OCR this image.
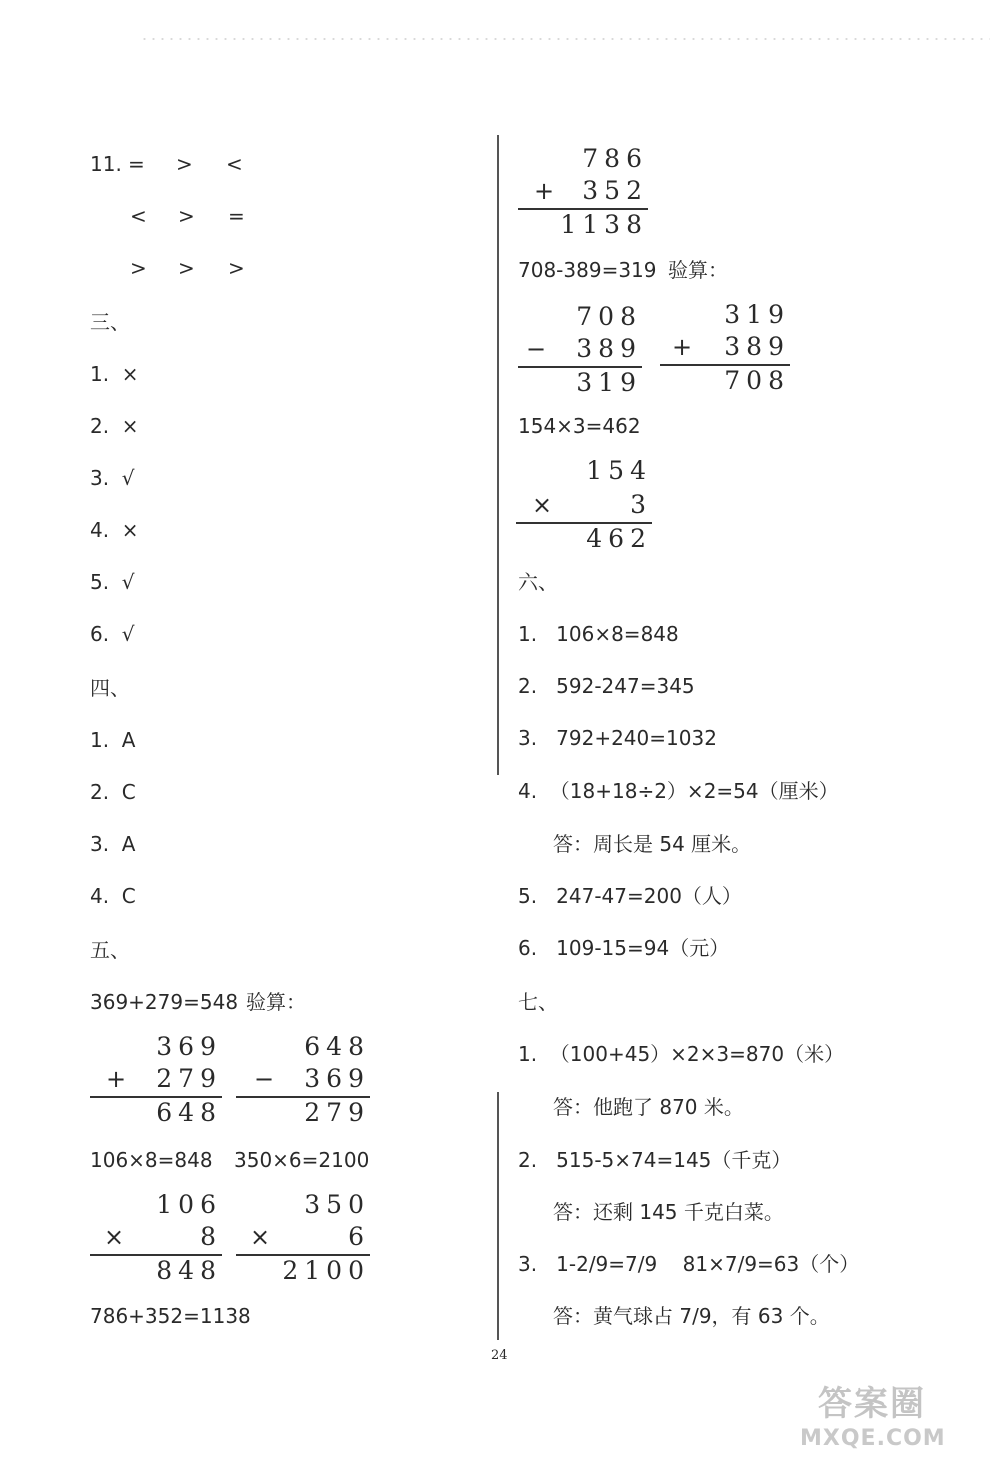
11. = > <
< > =
> > >
三、
1.  ×
2.  ×
3.  √
4.  ×
5.  √
6.  √
四、
1.  A
2.  C
3.  A
4.  C
五、
369+279=548 验算：
369
+	279
648
648
−	369
279
106×8=848 350×6=2100
106
×	8
848
350
×	6
2100
786+352=1138
786
+	352
1138
708-389=319 验算：
708
−	389
319
319
+	389
708
154×3=462
154
×	3
462
六、
1.   106×8=848
2.   592-247=345
3.   792+240=1032
4.  （18+18÷2）×2=54（厘米）
答：周长是 54 厘米。
5.   247-47=200（人）
6.   109-15=94（元）
七、
1.  （100+45）×2×3=870（米）
答：他跑了 870 米。
2.   515-5×74=145（千克）
答：还剩 145 千克白菜。
3.   1-2/9=7/9    81×7/9=63（个）
答：黄气球占 7/9，有 63 个。
24
答案圈
MXQE.COM
